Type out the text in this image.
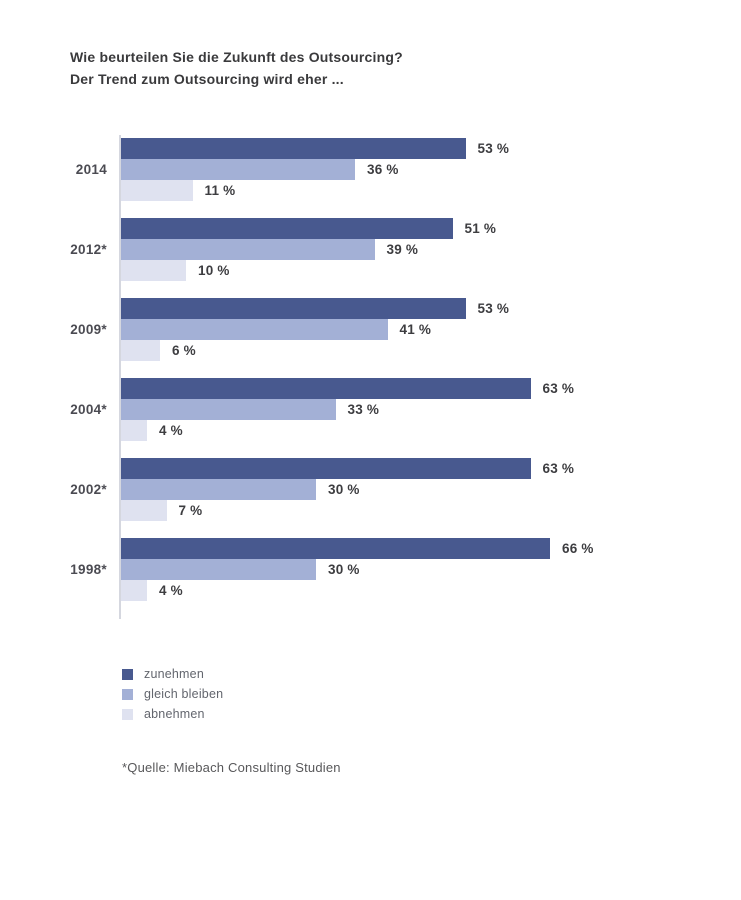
Wie beurteilen Sie die Zukunft des Outsourcing?
Der Trend zum Outsourcing wird eher ...
2014
53 %
36 %
11 %
2012*
51 %
39 %
10 %
2009*
53 %
41 %
6 %
2004*
63 %
33 %
4 %
2002*
63 %
30 %
7 %
1998*
66 %
30 %
4 %
zunehmen
gleich bleiben
abnehmen
*Quelle: Miebach Consulting Studien
